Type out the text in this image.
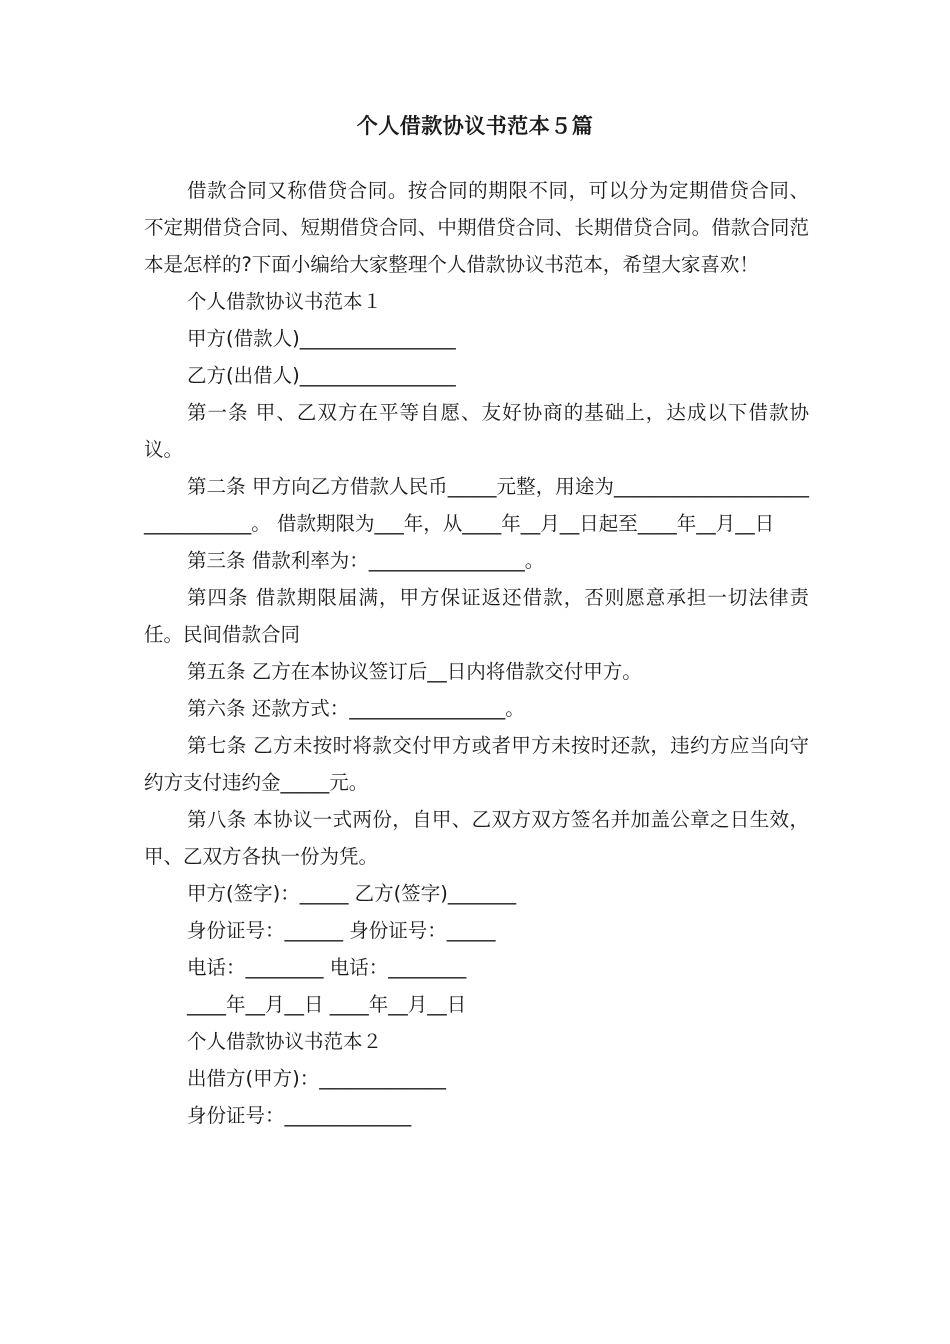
个人借款协议书范本５篇

借款合同又称借贷合同。按合同的期限不同，可以分为定期借贷合同、不定期借贷合同、短期借贷合同、中期借贷合同、长期借贷合同。借款合同范本是怎样的?下面小编给大家整理个人借款协议书范本，希望大家喜欢！

个人借款协议书范本１

甲方(借款人)________________

乙方(出借人)________________

第一条 甲、乙双方在平等自愿、友好协商的基础上，达成以下借款协议。

第二条 甲方向乙方借款人民币_____元整，用途为_______________________________。 借款期限为___年，从____年__月__日起至____年__月__日

第三条 借款利率为：________________。

第四条 借款期限届满，甲方保证返还借款，否则愿意承担一切法律责任。民间借款合同

第五条 乙方在本协议签订后__日内将借款交付甲方。

第六条 还款方式：________________。

第七条 乙方未按时将款交付甲方或者甲方未按时还款，违约方应当向守约方支付违约金_____元。

第八条 本协议一式两份，自甲、乙双方双方签名并加盖公章之日生效，甲、乙双方各执一份为凭。

甲方(签字)：_____ 乙方(签字)_______

身份证号：______ 身份证号：_____

电话：________ 电话：________

____年__月__日 ____年__月__日

个人借款协议书范本２

出借方(甲方)：_____________

身份证号：_____________
